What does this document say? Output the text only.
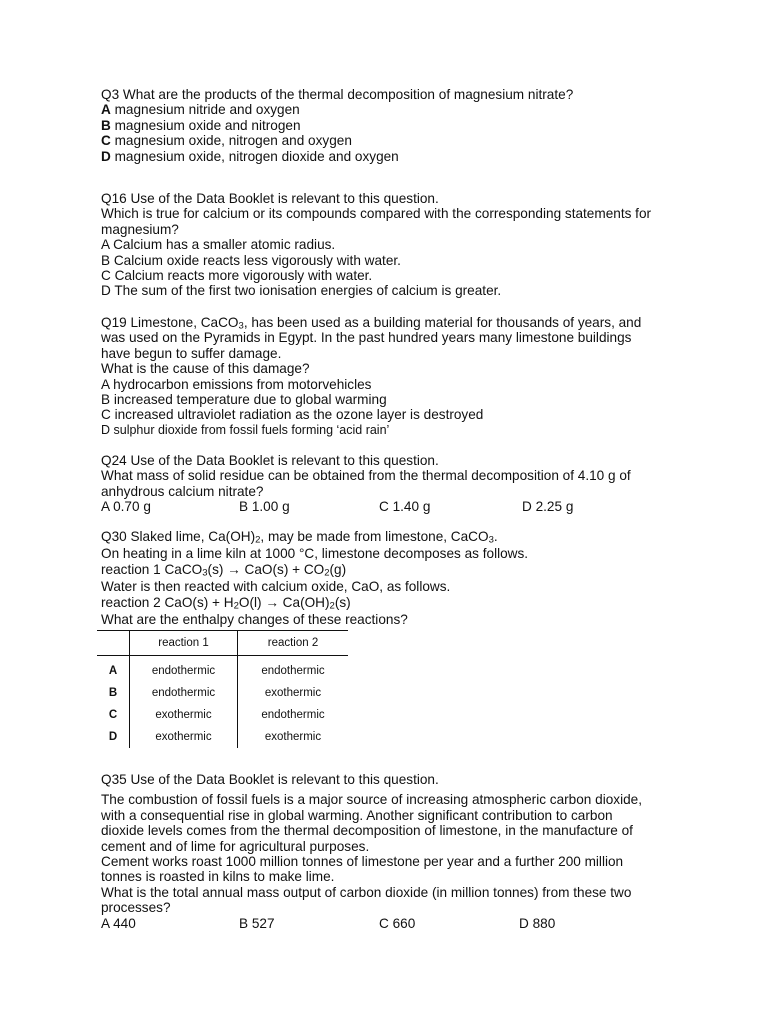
Q3 What are the products of the thermal decomposition of magnesium nitrate?

A magnesium nitride and oxygen

B magnesium oxide and nitrogen

C magnesium oxide, nitrogen and oxygen

D magnesium oxide, nitrogen dioxide and oxygen

Q16 Use of the Data Booklet is relevant to this question.

Which is true for calcium or its compounds compared with the corresponding statements for magnesium?

A Calcium has a smaller atomic radius.

B Calcium oxide reacts less vigorously with water.

C Calcium reacts more vigorously with water.

D The sum of the first two ionisation energies of calcium is greater.

Q19 Limestone, CaCO$_3$, has been used as a building material for thousands of years, and was used on the Pyramids in Egypt. In the past hundred years many limestone buildings have begun to suffer damage.

What is the cause of this damage?

A hydrocarbon emissions from motorvehicles

B increased temperature due to global warming

C increased ultraviolet radiation as the ozone layer is destroyed

D sulphur dioxide from fossil fuels forming ‘acid rain’

Q24 Use of the Data Booklet is relevant to this question.

What mass of solid residue can be obtained from the thermal decomposition of 4.10 g of anhydrous calcium nitrate?

A 0.70 g	B 1.00 g	C 1.40 g	D 2.25 g

Q30 Slaked lime, $Ca(OH)_2$, may be made from limestone, CaCO$_3$.

On heating in a lime kiln at 1000 °C, limestone decomposes as follows.

reaction 1 CaCO$_3$(s) → $CaO(s) + CO_2(g)$

Water is then reacted with calcium oxide, CaO, as follows.

reaction 2 $CaO(s) + H_2O(l) \to Ca(OH)_2(s)$

What are the enthalpy changes of these reactions?

	reaction 1	reaction 2
A	endothermic	endothermic
B	endothermic	exothermic
C	exothermic	endothermic
D	exothermic	exothermic

Q35 Use of the Data Booklet is relevant to this question.

The combustion of fossil fuels is a major source of increasing atmospheric carbon dioxide, with a consequential rise in global warming. Another significant contribution to carbon dioxide levels comes from the thermal decomposition of limestone, in the manufacture of cement and of lime for agricultural purposes.

Cement works roast 1000 million tonnes of limestone per year and a further 200 million tonnes is roasted in kilns to make lime.

What is the total annual mass output of carbon dioxide (in million tonnes) from these two processes?

A 440	B 527	C 660	D 880
